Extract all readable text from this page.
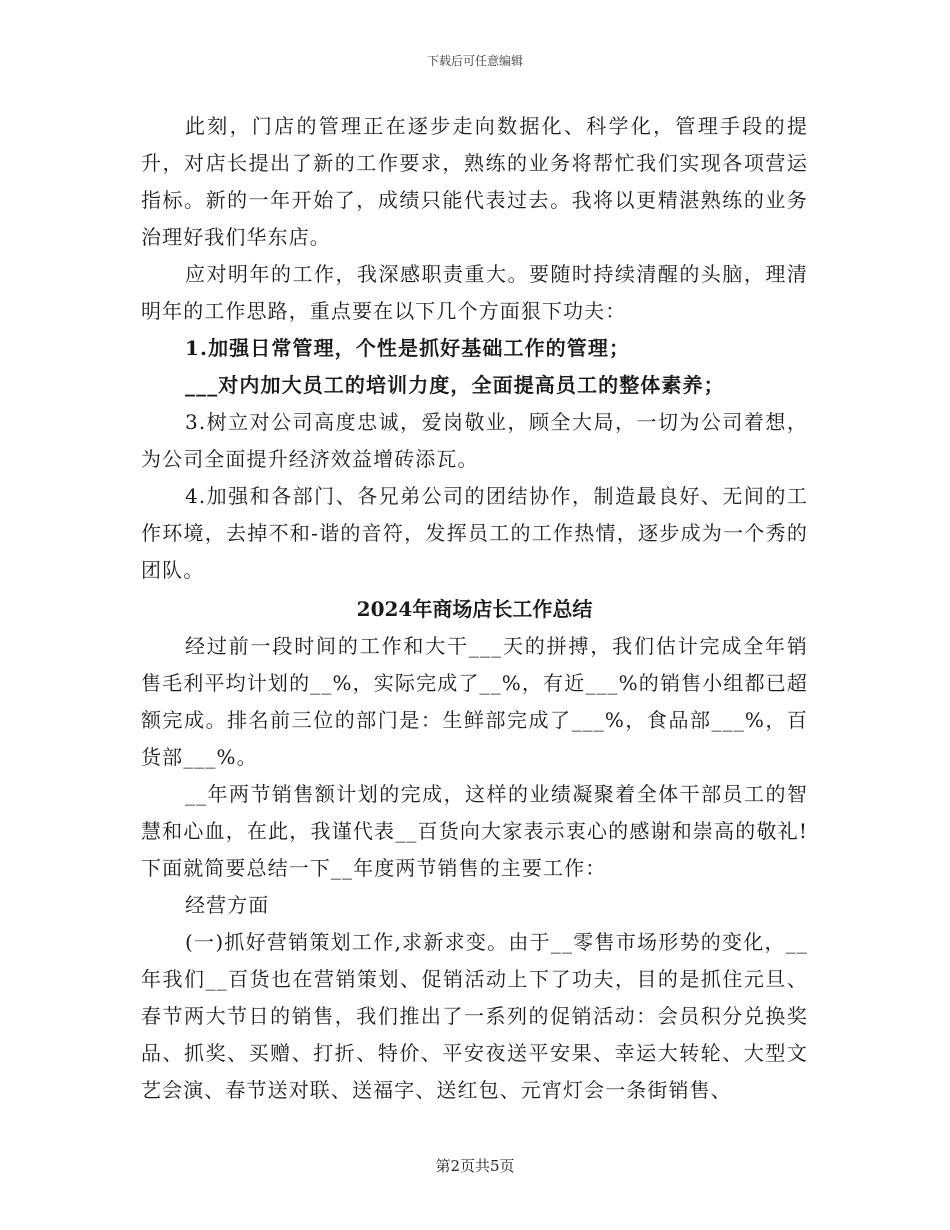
下载后可任意编辑

此刻，门店的管理正在逐步走向数据化、科学化，管理手段的提升，对店长提出了新的工作要求，熟练的业务将帮忙我们实现各项营运指标。新的一年开始了，成绩只能代表过去。我将以更精湛熟练的业务治理好我们华东店。

应对明年的工作，我深感职责重大。要随时持续清醒的头脑，理清明年的工作思路，重点要在以下几个方面狠下功夫：

1.加强日常管理，个性是抓好基础工作的管理；

___对内加大员工的培训力度，全面提高员工的整体素养；

3.树立对公司高度忠诚，爱岗敬业，顾全大局，一切为公司着想，为公司全面提升经济效益增砖添瓦。

4.加强和各部门、各兄弟公司的团结协作，制造最良好、无间的工作环境，去掉不和-谐的音符，发挥员工的工作热情，逐步成为一个秀的团队。

2024年商场店长工作总结

经过前一段时间的工作和大干___天的拼搏，我们估计完成全年销售毛利平均计划的__%，实际完成了__%，有近___%的销售小组都已超额完成。排名前三位的部门是：生鲜部完成了___%，食品部___%，百货部___%。

__年两节销售额计划的完成，这样的业绩凝聚着全体干部员工的智慧和心血，在此，我谨代表__百货向大家表示衷心的感谢和崇高的敬礼!下面就简要总结一下__年度两节销售的主要工作：

经营方面

(一)抓好营销策划工作,求新求变。由于__零售市场形势的变化，__年我们__百货也在营销策划、促销活动上下了功夫，目的是抓住元旦、春节两大节日的销售，我们推出了一系列的促销活动：会员积分兑换奖品、抓奖、买赠、打折、特价、平安夜送平安果、幸运大转轮、大型文艺会演、春节送对联、送福字、送红包、元宵灯会一条街销售、

第2页共5页
